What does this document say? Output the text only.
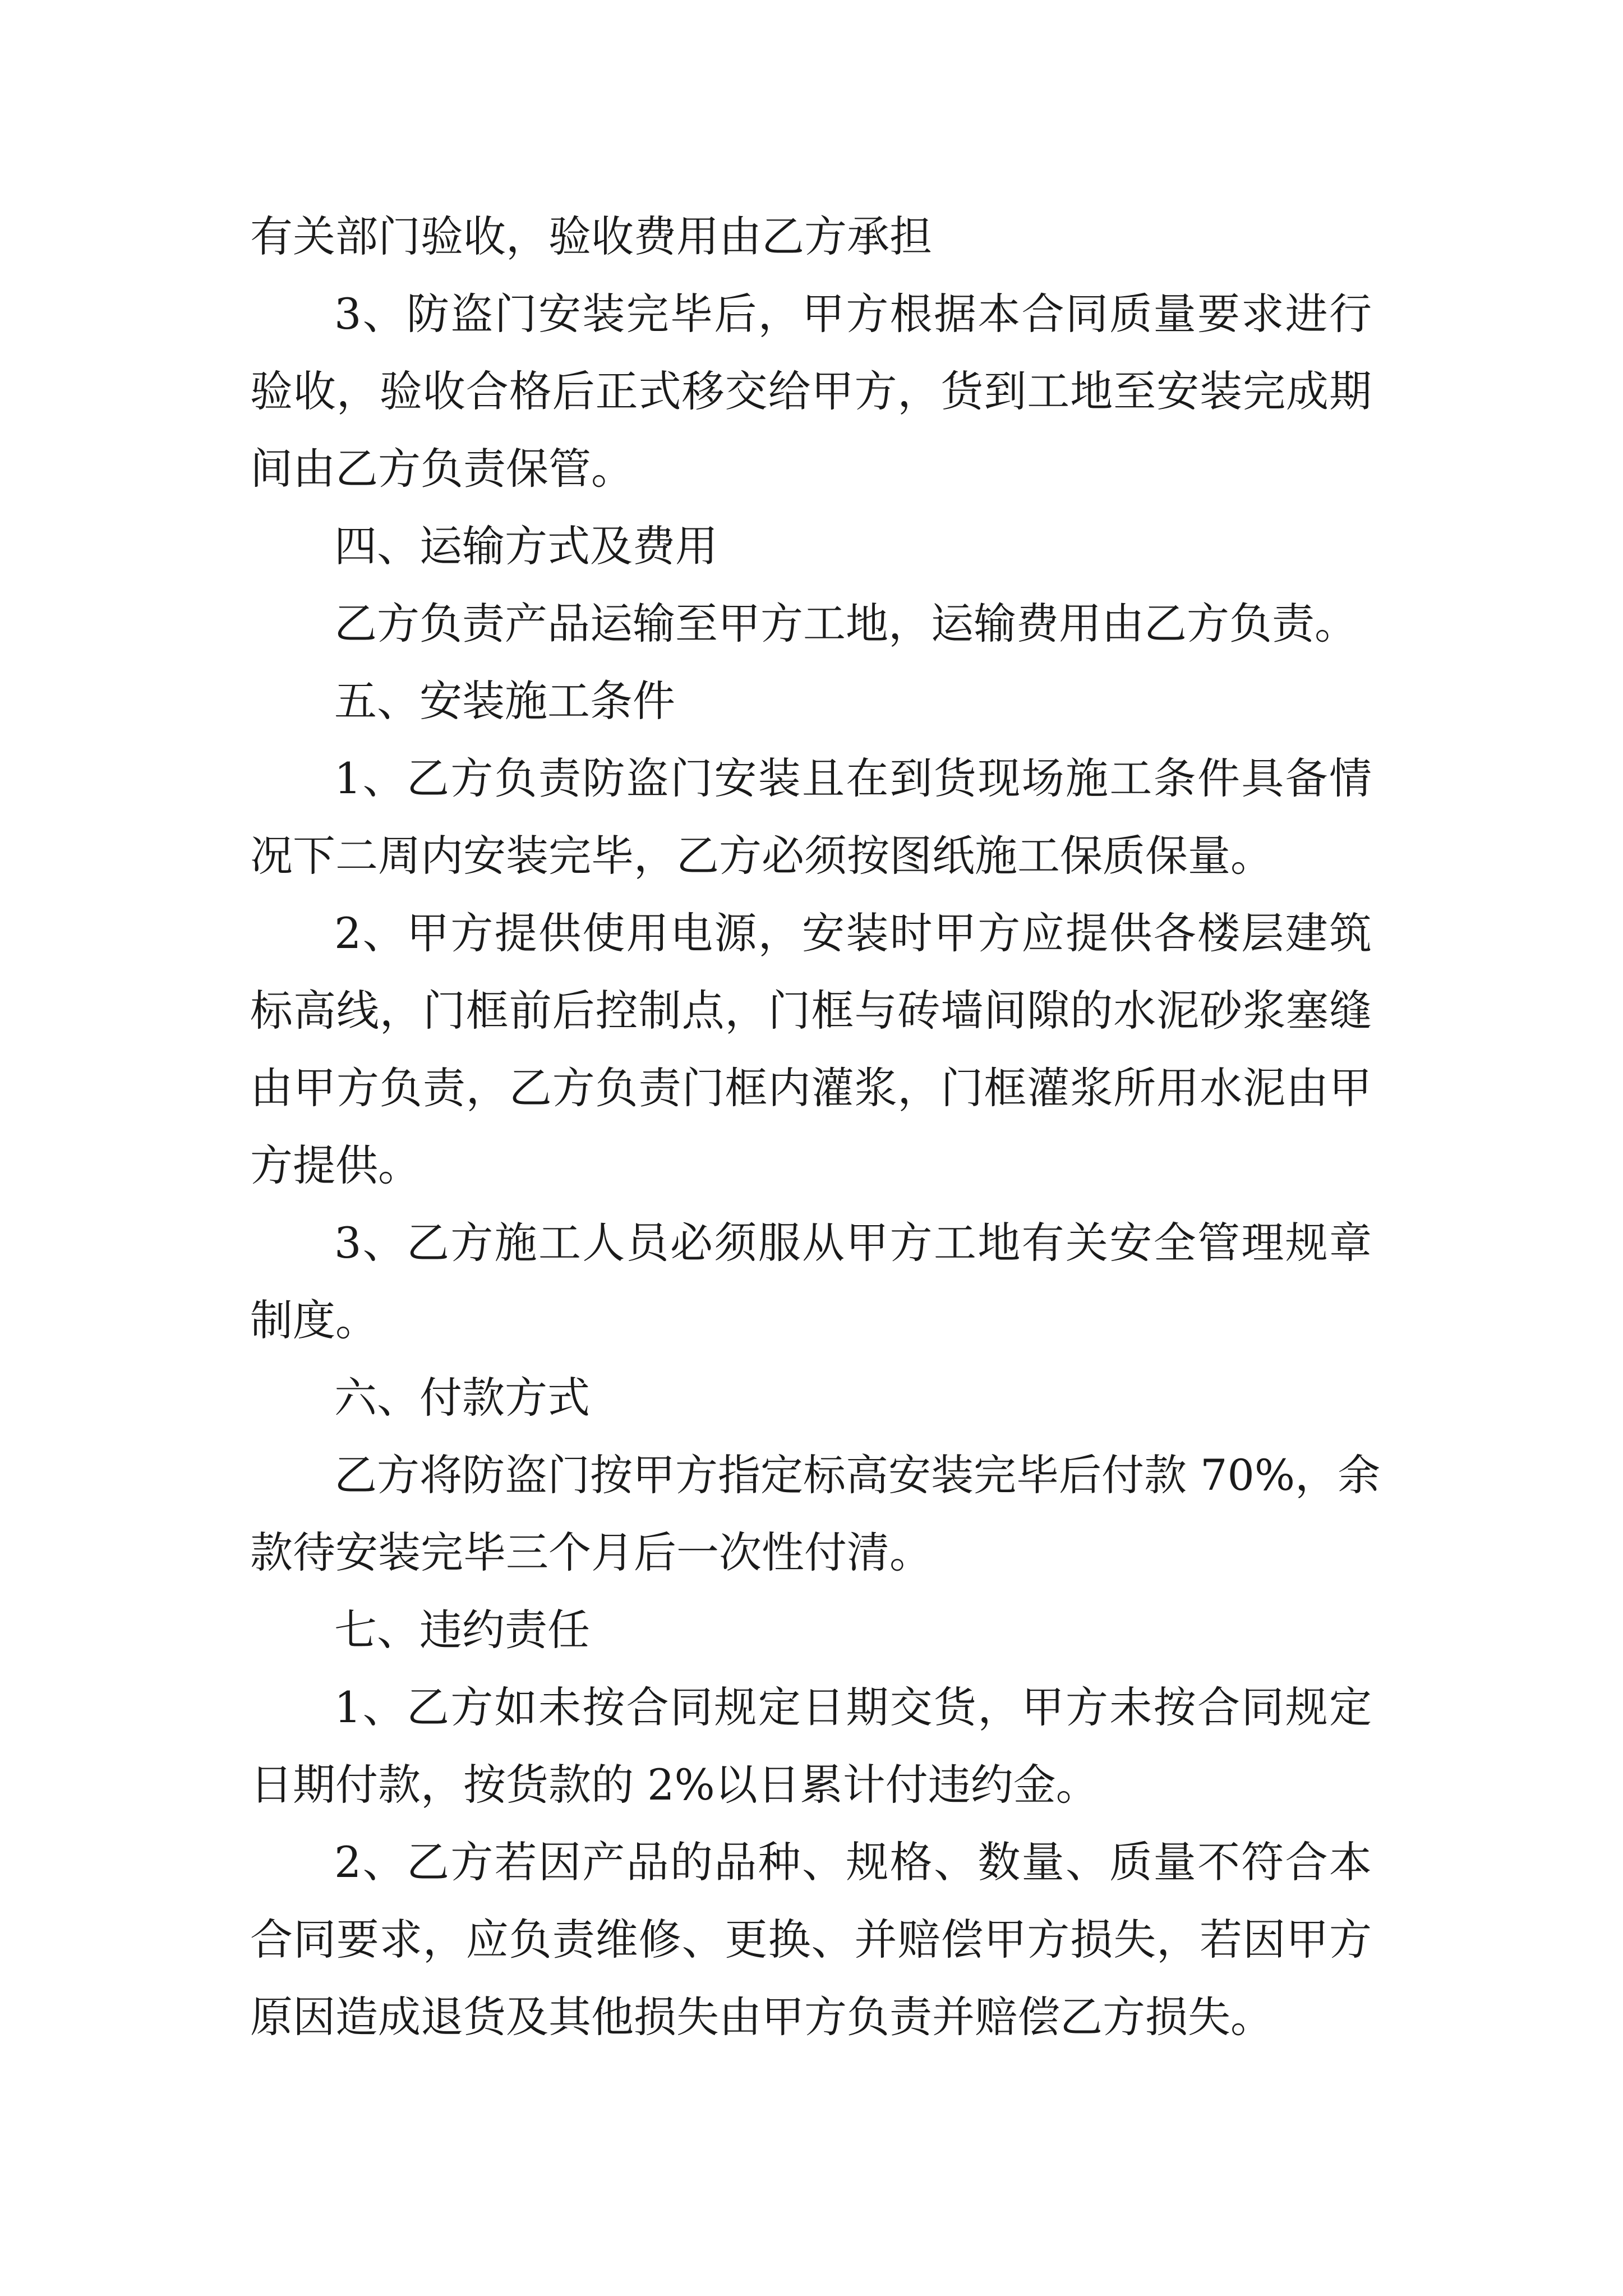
有关部门验收，验收费用由乙方承担

3、防盗门安装完毕后，甲方根据本合同质量要求进行

验收，验收合格后正式移交给甲方，货到工地至安装完成期

间由乙方负责保管。

四、运输方式及费用

乙方负责产品运输至甲方工地，运输费用由乙方负责。

五、安装施工条件

1、乙方负责防盗门安装且在到货现场施工条件具备情

况下二周内安装完毕，乙方必须按图纸施工保质保量。

2、甲方提供使用电源，安装时甲方应提供各楼层建筑

标高线，门框前后控制点，门框与砖墙间隙的水泥砂浆塞缝

由甲方负责，乙方负责门框内灌浆，门框灌浆所用水泥由甲

方提供。

3、乙方施工人员必须服从甲方工地有关安全管理规章

制度。

六、付款方式

乙方将防盗门按甲方指定标高安装完毕后付款 70%，余

款待安装完毕三个月后一次性付清。

七、违约责任

1、乙方如未按合同规定日期交货，甲方未按合同规定

日期付款，按货款的 2%以日累计付违约金。

2、乙方若因产品的品种、规格、数量、质量不符合本

合同要求，应负责维修、更换、并赔偿甲方损失，若因甲方

原因造成退货及其他损失由甲方负责并赔偿乙方损失。
